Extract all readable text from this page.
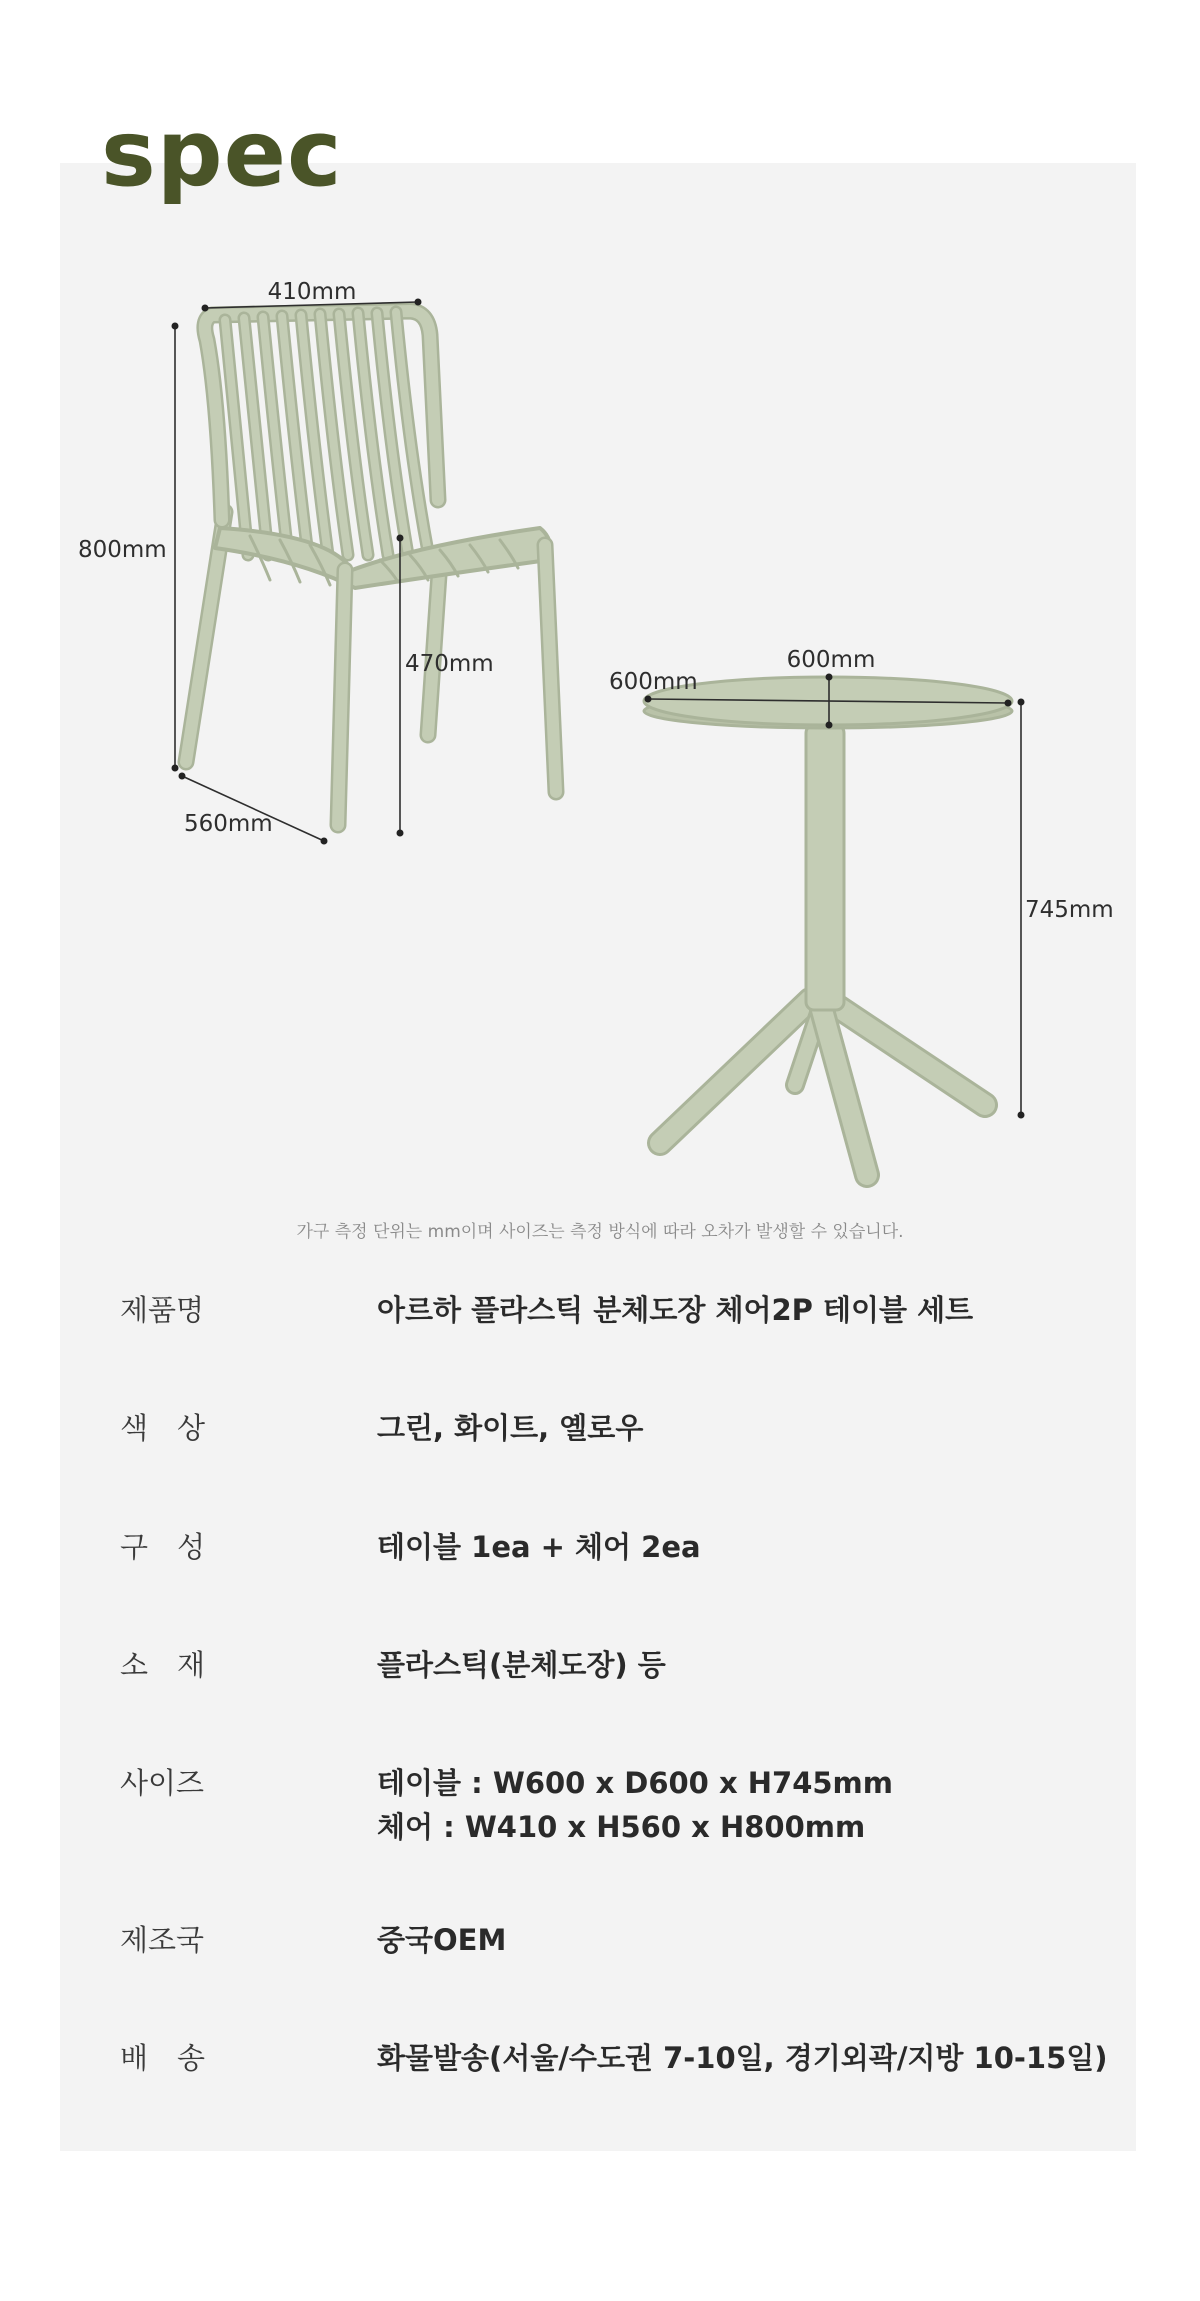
spec
410mm
800mm
470mm
560mm
600mm
600mm
745mm
가구 측정 단위는 mm이며 사이즈는 측정 방식에 따라 오차가 발생할 수 있습니다.
제품명	아르하 플라스틱 분체도장 체어2P 테이블 세트
색　상	그린, 화이트, 옐로우
구　성	테이블 1ea + 체어 2ea
소　재	플라스틱(분체도장) 등
사이즈	테이블 : W600 x D600 x H745mm
체어 : W410 x H560 x H800mm
제조국	중국OEM
배　송	화물발송(서울/수도권 7-10일, 경기외곽/지방 10-15일)
